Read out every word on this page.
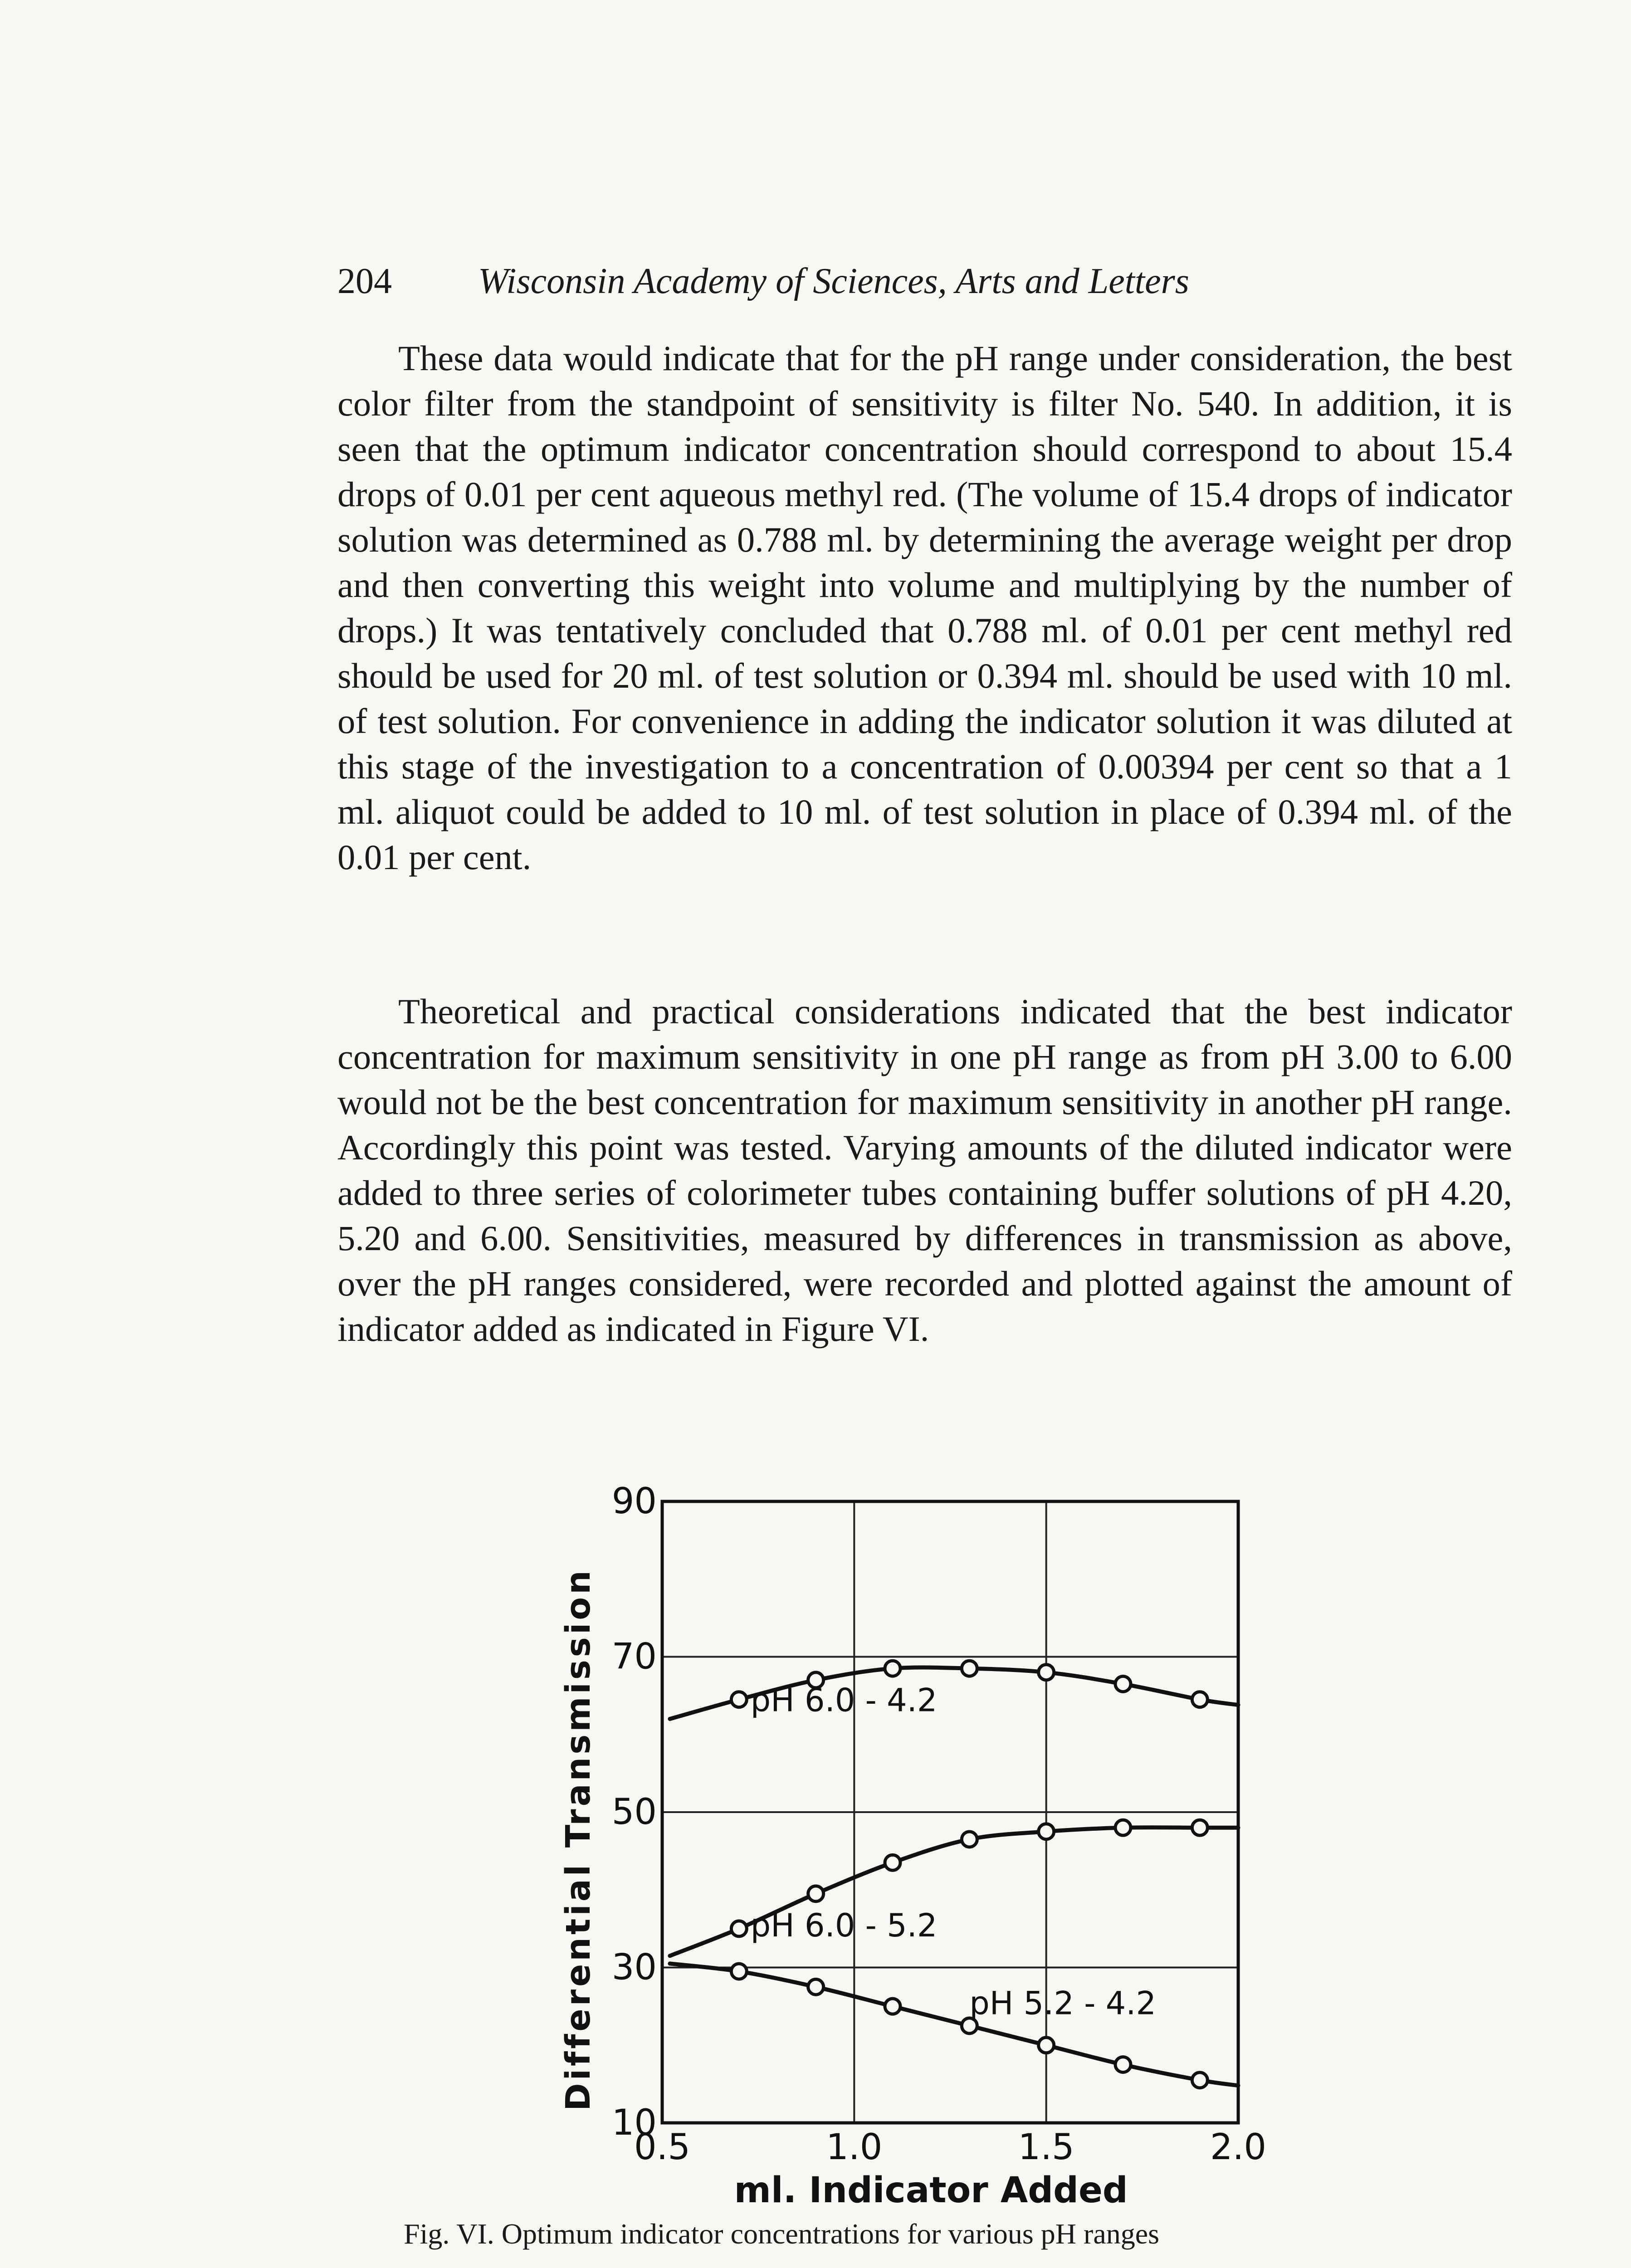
204 Wisconsin Academy of Sciences, Arts and Letters

These data would indicate that for the pH range under consideration, the best color filter from the standpoint of sensitivity is filter No. 540. In addition, it is seen that the optimum indicator concentration should correspond to about 15.4 drops of 0.01 per cent aqueous methyl red. (The volume of 15.4 drops of indicator solution was determined as 0.788 ml. by determining the average weight per drop and then converting this weight into volume and multiplying by the number of drops.) It was tentatively concluded that 0.788 ml. of 0.01 per cent methyl red should be used for 20 ml. of test solution or 0.394 ml. should be used with 10 ml. of test solution. For convenience in adding the indicator solution it was diluted at this stage of the investigation to a concentration of 0.00394 per cent so that a 1 ml. aliquot could be added to 10 ml. of test solution in place of 0.394 ml. of the 0.01 per cent.

Theoretical and practical considerations indicated that the best indicator concentration for maximum sensitivity in one pH range as from pH 3.00 to 6.00 would not be the best concentration for maximum sensitivity in another pH range. Accordingly this point was tested. Varying amounts of the diluted indicator were added to three series of colorimeter tubes containing buffer solutions of pH 4.20, 5.20 and 6.00. Sensitivities, measured by differences in transmission as above, over the pH ranges considered, were recorded and plotted against the amount of indicator added as indicated in Figure VI.

pH 6.0 - 4.2
pH 6.0 - 5.2
pH 5.2 - 4.2
10
30
50
70
90
0.5	1.0	1.5	2.0
ml. Indicator Added
Differential Transmission
Fig. VI. Optimum indicator concentrations for various pH ranges
